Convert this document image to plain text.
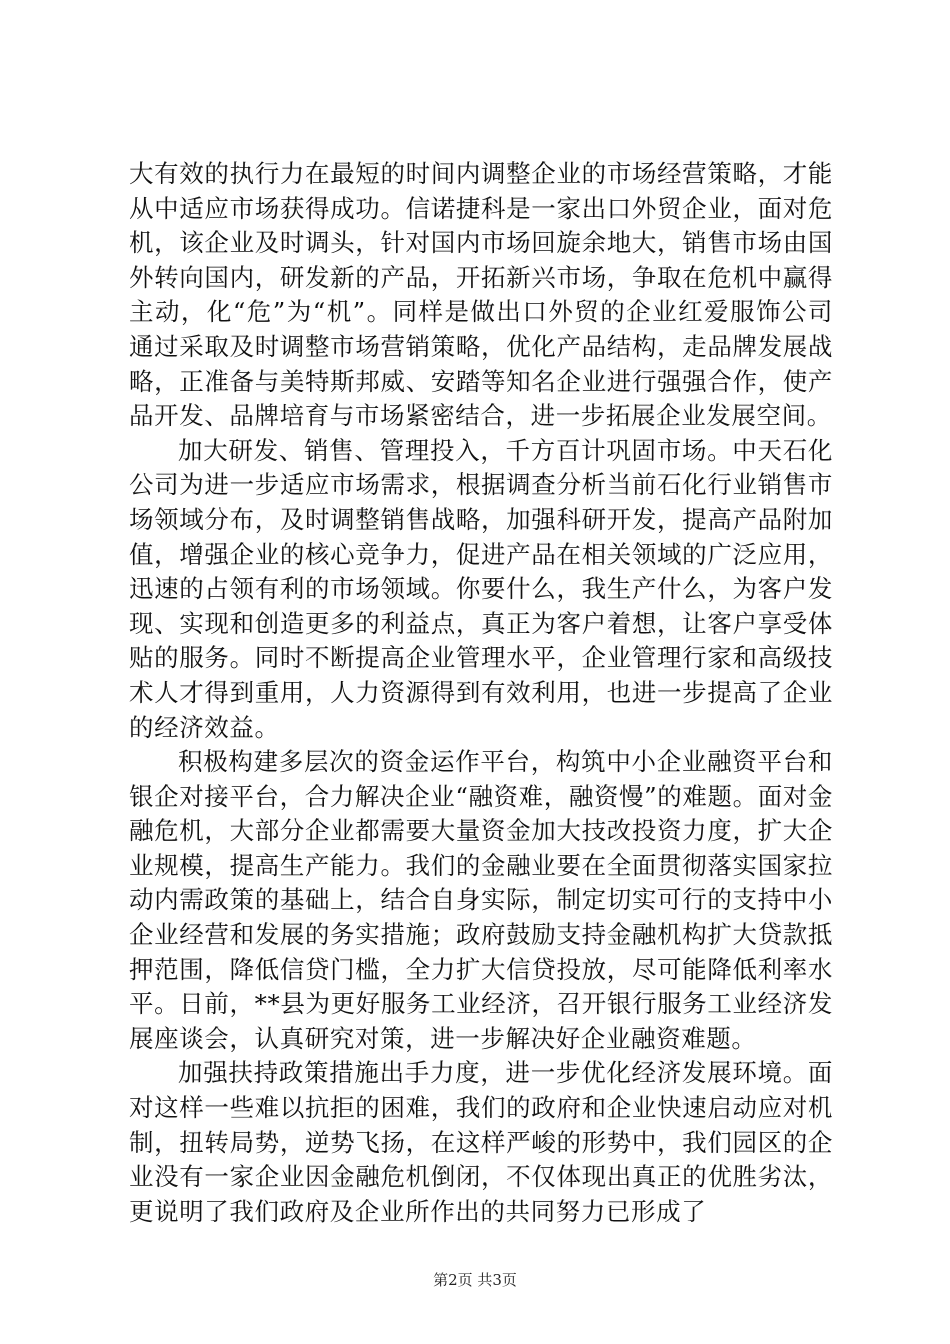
大有效的执行力在最短的时间内调整企业的市场经营策略，才能从中适应市场获得成功。信诺捷科是一家出口外贸企业，面对危机，该企业及时调头，针对国内市场回旋余地大，销售市场由国外转向国内，研发新的产品，开拓新兴市场，争取在危机中赢得主动，化“危”为“机”。同样是做出口外贸的企业红爱服饰公司通过采取及时调整市场营销策略，优化产品结构，走品牌发展战略，正准备与美特斯邦威、安踏等知名企业进行强强合作，使产品开发、品牌培育与市场紧密结合，进一步拓展企业发展空间。

加大研发、销售、管理投入，千方百计巩固市场。中天石化公司为进一步适应市场需求，根据调查分析当前石化行业销售市场领域分布，及时调整销售战略，加强科研开发，提高产品附加值，增强企业的核心竞争力，促进产品在相关领域的广泛应用，迅速的占领有利的市场领域。你要什么，我生产什么，为客户发现、实现和创造更多的利益点，真正为客户着想，让客户享受体贴的服务。同时不断提高企业管理水平，企业管理行家和高级技术人才得到重用，人力资源得到有效利用，也进一步提高了企业的经济效益。

积极构建多层次的资金运作平台，构筑中小企业融资平台和银企对接平台，合力解决企业“融资难，融资慢”的难题。面对金融危机，大部分企业都需要大量资金加大技改投资力度，扩大企业规模，提高生产能力。我们的金融业要在全面贯彻落实国家拉动内需政策的基础上，结合自身实际，制定切实可行的支持中小企业经营和发展的务实措施；政府鼓励支持金融机构扩大贷款抵押范围，降低信贷门槛，全力扩大信贷投放，尽可能降低利率水平。日前，**县为更好服务工业经济，召开银行服务工业经济发展座谈会，认真研究对策，进一步解决好企业融资难题。

加强扶持政策措施出手力度，进一步优化经济发展环境。面对这样一些难以抗拒的困难，我们的政府和企业快速启动应对机制，扭转局势，逆势飞扬，在这样严峻的形势中，我们园区的企业没有一家企业因金融危机倒闭，不仅体现出真正的优胜劣汰，更说明了我们政府及企业所作出的共同努力已形成了

第2页 共3页
